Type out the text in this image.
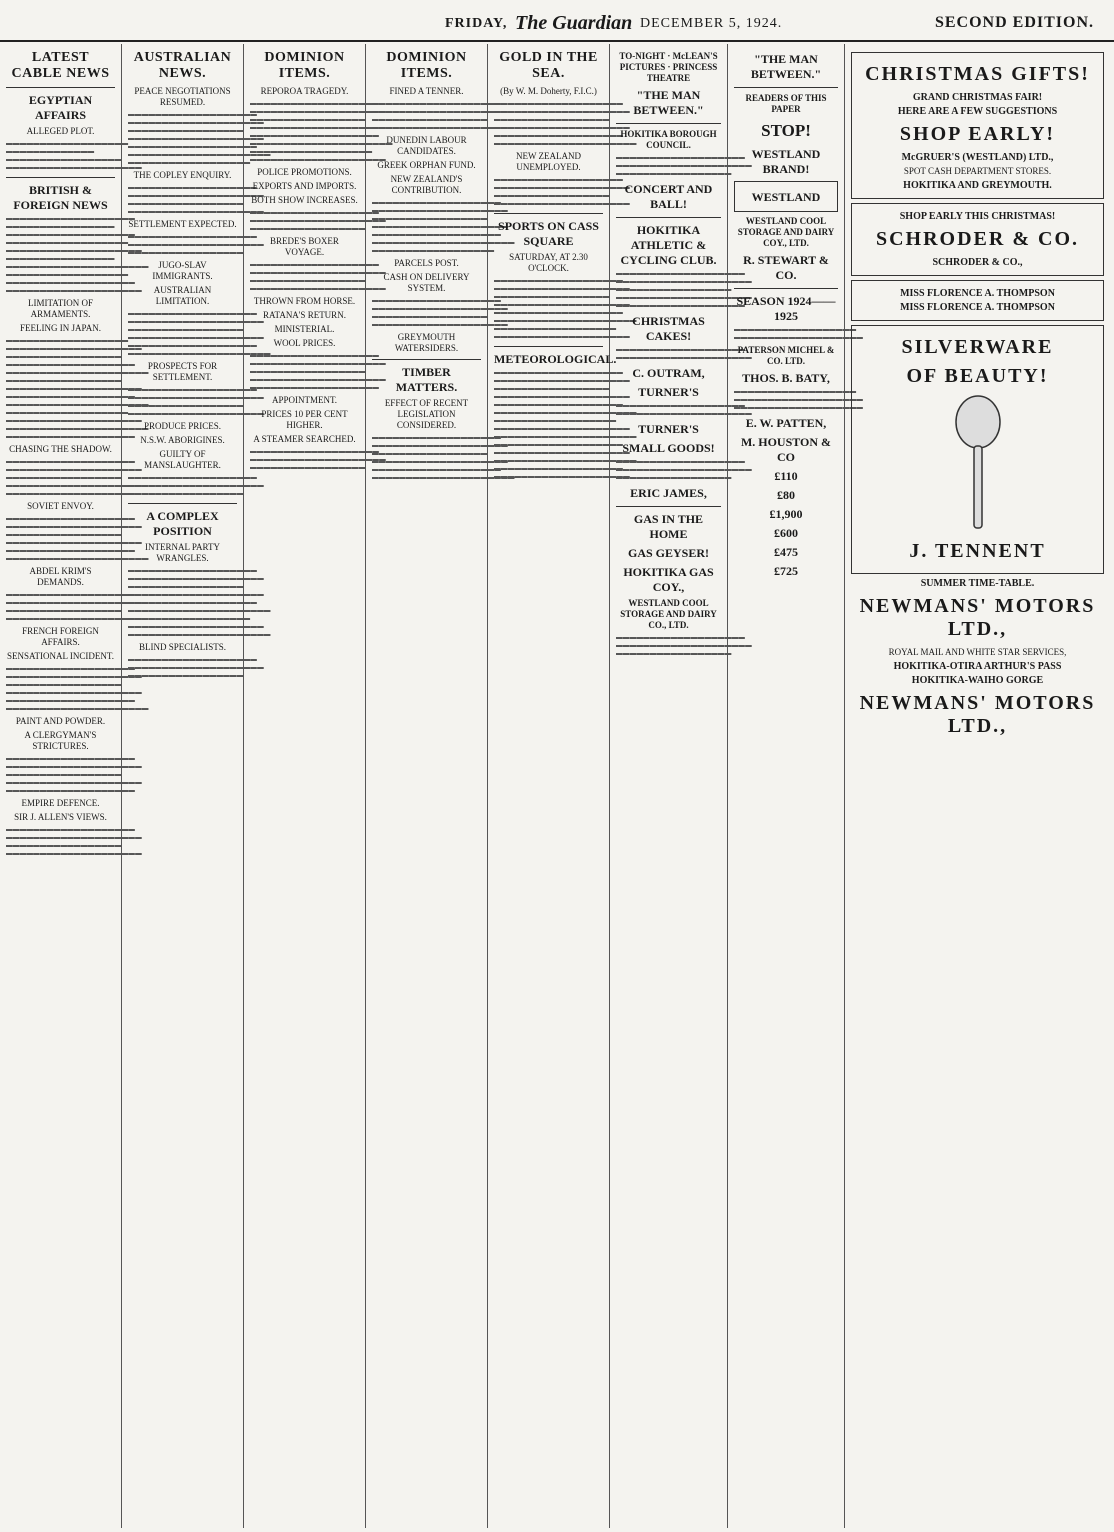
FRIDAY, The Guardian DECEMBER 5, 1924.	SECOND EDITION.
LATEST CABLE NEWS
EGYPTIAN AFFAIRS
ALLEGED PLOT.
▬▬▬▬▬▬▬▬▬▬▬▬▬▬▬▬▬▬ ▬▬▬▬▬▬▬▬▬▬▬▬▬ ▬▬▬▬▬▬▬▬▬▬▬▬▬▬▬▬▬ ▬▬▬▬▬▬▬▬▬▬▬▬▬▬▬▬▬▬▬▬
BRITISH & FOREIGN NEWS
▬▬▬▬▬▬▬▬▬▬▬▬▬▬▬▬▬▬▬ ▬▬▬▬▬▬▬▬▬▬▬▬▬▬▬▬ ▬▬▬▬▬▬▬▬▬▬▬▬▬▬▬▬▬▬▬ ▬▬▬▬▬▬▬▬▬▬▬▬▬▬▬▬▬▬ ▬▬▬▬▬▬▬▬▬▬▬▬▬▬▬▬▬▬▬▬ ▬▬▬▬▬▬▬▬▬▬▬▬▬▬▬▬ ▬▬▬▬▬▬▬▬▬▬▬▬▬▬▬▬▬▬▬▬▬ ▬▬▬▬▬▬▬▬▬▬▬▬▬▬▬▬▬▬ ▬▬▬▬▬▬▬▬▬▬▬▬▬▬▬▬▬▬▬ ▬▬▬▬▬▬▬▬▬▬▬▬▬▬▬▬▬▬▬▬
LIMITATION OF ARMAMENTS.
FEELING IN JAPAN.
▬▬▬▬▬▬▬▬▬▬▬▬▬▬▬▬▬▬ ▬▬▬▬▬▬▬▬▬▬▬▬▬▬▬▬▬▬▬▬ ▬▬▬▬▬▬▬▬▬▬▬▬▬▬▬▬▬ ▬▬▬▬▬▬▬▬▬▬▬▬▬▬▬▬▬▬▬ ▬▬▬▬▬▬▬▬▬▬▬▬▬▬▬▬▬▬▬▬▬ ▬▬▬▬▬▬▬▬▬▬▬▬▬▬▬▬▬ ▬▬▬▬▬▬▬▬▬▬▬▬▬▬▬▬▬▬▬▬ ▬▬▬▬▬▬▬▬▬▬▬▬▬▬▬▬▬▬▬ ▬▬▬▬▬▬▬▬▬▬▬▬▬▬▬▬▬▬▬▬▬ ▬▬▬▬▬▬▬▬▬▬▬▬▬▬▬▬▬▬ ▬▬▬▬▬▬▬▬▬▬▬▬▬▬▬▬▬▬▬▬ ▬▬▬▬▬▬▬▬▬▬▬▬▬▬▬▬▬▬▬▬▬ ▬▬▬▬▬▬▬▬▬▬▬▬▬▬▬▬▬▬▬
CHASING THE SHADOW.
▬▬▬▬▬▬▬▬▬▬▬▬▬▬▬▬▬▬▬ ▬▬▬▬▬▬▬▬▬▬▬▬▬▬▬▬▬▬▬▬ ▬▬▬▬▬▬▬▬▬▬▬▬▬▬▬▬▬ ▬▬▬▬▬▬▬▬▬▬▬▬▬▬▬▬▬▬▬▬ ▬▬▬▬▬▬▬▬▬▬▬▬▬▬▬▬▬▬▬
SOVIET ENVOY.
▬▬▬▬▬▬▬▬▬▬▬▬▬▬▬▬▬▬▬ ▬▬▬▬▬▬▬▬▬▬▬▬▬▬▬▬▬▬▬▬ ▬▬▬▬▬▬▬▬▬▬▬▬▬▬▬▬▬ ▬▬▬▬▬▬▬▬▬▬▬▬▬▬▬▬▬▬▬▬ ▬▬▬▬▬▬▬▬▬▬▬▬▬▬▬▬▬▬▬ ▬▬▬▬▬▬▬▬▬▬▬▬▬▬▬▬▬▬▬▬▬
ABDEL KRIM'S DEMANDS.
▬▬▬▬▬▬▬▬▬▬▬▬▬▬▬▬▬▬▬ ▬▬▬▬▬▬▬▬▬▬▬▬▬▬▬▬▬▬▬▬ ▬▬▬▬▬▬▬▬▬▬▬▬▬▬▬▬▬ ▬▬▬▬▬▬▬▬▬▬▬▬▬▬▬▬▬▬▬▬
FRENCH FOREIGN AFFAIRS.
SENSATIONAL INCIDENT.
▬▬▬▬▬▬▬▬▬▬▬▬▬▬▬▬▬▬▬ ▬▬▬▬▬▬▬▬▬▬▬▬▬▬▬▬▬▬▬▬ ▬▬▬▬▬▬▬▬▬▬▬▬▬▬▬▬▬ ▬▬▬▬▬▬▬▬▬▬▬▬▬▬▬▬▬▬▬▬ ▬▬▬▬▬▬▬▬▬▬▬▬▬▬▬▬▬▬▬ ▬▬▬▬▬▬▬▬▬▬▬▬▬▬▬▬▬▬▬▬▬
PAINT AND POWDER.
A CLERGYMAN'S STRICTURES.
▬▬▬▬▬▬▬▬▬▬▬▬▬▬▬▬▬▬▬ ▬▬▬▬▬▬▬▬▬▬▬▬▬▬▬▬▬▬▬▬ ▬▬▬▬▬▬▬▬▬▬▬▬▬▬▬▬▬ ▬▬▬▬▬▬▬▬▬▬▬▬▬▬▬▬▬▬▬▬ ▬▬▬▬▬▬▬▬▬▬▬▬▬▬▬▬▬▬▬
EMPIRE DEFENCE.
SIR J. ALLEN'S VIEWS.
▬▬▬▬▬▬▬▬▬▬▬▬▬▬▬▬▬▬▬ ▬▬▬▬▬▬▬▬▬▬▬▬▬▬▬▬▬▬▬▬ ▬▬▬▬▬▬▬▬▬▬▬▬▬▬▬▬▬ ▬▬▬▬▬▬▬▬▬▬▬▬▬▬▬▬▬▬▬▬
AUSTRALIAN NEWS.
PEACE NEGOTIATIONS RESUMED.
▬▬▬▬▬▬▬▬▬▬▬▬▬▬▬▬▬▬▬ ▬▬▬▬▬▬▬▬▬▬▬▬▬▬▬▬▬▬▬▬ ▬▬▬▬▬▬▬▬▬▬▬▬▬▬▬▬▬ ▬▬▬▬▬▬▬▬▬▬▬▬▬▬▬▬▬▬▬▬ ▬▬▬▬▬▬▬▬▬▬▬▬▬▬▬▬▬▬▬ ▬▬▬▬▬▬▬▬▬▬▬▬▬▬▬▬▬▬▬▬▬ ▬▬▬▬▬▬▬▬▬▬▬▬▬▬▬▬▬▬
THE COPLEY ENQUIRY.
▬▬▬▬▬▬▬▬▬▬▬▬▬▬▬▬▬▬▬ ▬▬▬▬▬▬▬▬▬▬▬▬▬▬▬▬▬▬▬▬ ▬▬▬▬▬▬▬▬▬▬▬▬▬▬▬▬▬ ▬▬▬▬▬▬▬▬▬▬▬▬▬▬▬▬▬▬▬▬
SETTLEMENT EXPECTED.
▬▬▬▬▬▬▬▬▬▬▬▬▬▬▬▬▬▬▬ ▬▬▬▬▬▬▬▬▬▬▬▬▬▬▬▬▬▬▬▬ ▬▬▬▬▬▬▬▬▬▬▬▬▬▬▬▬▬
JUGO-SLAV IMMIGRANTS.
AUSTRALIAN LIMITATION.
▬▬▬▬▬▬▬▬▬▬▬▬▬▬▬▬▬▬▬ ▬▬▬▬▬▬▬▬▬▬▬▬▬▬▬▬▬▬▬▬ ▬▬▬▬▬▬▬▬▬▬▬▬▬▬▬▬▬ ▬▬▬▬▬▬▬▬▬▬▬▬▬▬▬▬▬▬▬▬ ▬▬▬▬▬▬▬▬▬▬▬▬▬▬▬▬▬▬▬ ▬▬▬▬▬▬▬▬▬▬▬▬▬▬▬▬▬▬▬▬▬
PROSPECTS FOR SETTLEMENT.
▬▬▬▬▬▬▬▬▬▬▬▬▬▬▬▬▬▬▬ ▬▬▬▬▬▬▬▬▬▬▬▬▬▬▬▬▬▬▬▬ ▬▬▬▬▬▬▬▬▬▬▬▬▬▬▬▬▬ ▬▬▬▬▬▬▬▬▬▬▬▬▬▬▬▬▬▬▬▬
PRODUCE PRICES.
N.S.W. ABORIGINES.
GUILTY OF MANSLAUGHTER.
▬▬▬▬▬▬▬▬▬▬▬▬▬▬▬▬▬▬▬ ▬▬▬▬▬▬▬▬▬▬▬▬▬▬▬▬▬▬▬▬ ▬▬▬▬▬▬▬▬▬▬▬▬▬▬▬▬▬
A COMPLEX POSITION
INTERNAL PARTY WRANGLES.
▬▬▬▬▬▬▬▬▬▬▬▬▬▬▬▬▬▬▬ ▬▬▬▬▬▬▬▬▬▬▬▬▬▬▬▬▬▬▬▬ ▬▬▬▬▬▬▬▬▬▬▬▬▬▬▬▬▬ ▬▬▬▬▬▬▬▬▬▬▬▬▬▬▬▬▬▬▬▬ ▬▬▬▬▬▬▬▬▬▬▬▬▬▬▬▬▬▬▬ ▬▬▬▬▬▬▬▬▬▬▬▬▬▬▬▬▬▬▬▬▬ ▬▬▬▬▬▬▬▬▬▬▬▬▬▬▬▬▬▬ ▬▬▬▬▬▬▬▬▬▬▬▬▬▬▬▬▬▬▬▬ ▬▬▬▬▬▬▬▬▬▬▬▬▬▬▬▬▬▬▬▬▬
BLIND SPECIALISTS.
▬▬▬▬▬▬▬▬▬▬▬▬▬▬▬▬▬▬▬ ▬▬▬▬▬▬▬▬▬▬▬▬▬▬▬▬▬▬▬▬ ▬▬▬▬▬▬▬▬▬▬▬▬▬▬▬▬▬
DOMINION ITEMS.
REPOROA TRAGEDY.
▬▬▬▬▬▬▬▬▬▬▬▬▬▬▬▬▬▬▬ ▬▬▬▬▬▬▬▬▬▬▬▬▬▬▬▬▬▬▬▬ ▬▬▬▬▬▬▬▬▬▬▬▬▬▬▬▬▬ ▬▬▬▬▬▬▬▬▬▬▬▬▬▬▬▬▬▬▬▬ ▬▬▬▬▬▬▬▬▬▬▬▬▬▬▬▬▬▬▬ ▬▬▬▬▬▬▬▬▬▬▬▬▬▬▬▬▬▬▬▬▬ ▬▬▬▬▬▬▬▬▬▬▬▬▬▬▬▬▬▬ ▬▬▬▬▬▬▬▬▬▬▬▬▬▬▬▬▬▬▬▬
POLICE PROMOTIONS.
EXPORTS AND IMPORTS.
BOTH SHOW INCREASES.
▬▬▬▬▬▬▬▬▬▬▬▬▬▬▬▬▬▬▬ ▬▬▬▬▬▬▬▬▬▬▬▬▬▬▬▬▬▬▬▬ ▬▬▬▬▬▬▬▬▬▬▬▬▬▬▬▬▬
BREDE'S BOXER VOYAGE.
▬▬▬▬▬▬▬▬▬▬▬▬▬▬▬▬▬▬▬ ▬▬▬▬▬▬▬▬▬▬▬▬▬▬▬▬▬▬▬▬ ▬▬▬▬▬▬▬▬▬▬▬▬▬▬▬▬▬ ▬▬▬▬▬▬▬▬▬▬▬▬▬▬▬▬▬▬▬▬
THROWN FROM HORSE.
RATANA'S RETURN.
MINISTERIAL.
WOOL PRICES.
▬▬▬▬▬▬▬▬▬▬▬▬▬▬▬▬▬▬▬ ▬▬▬▬▬▬▬▬▬▬▬▬▬▬▬▬▬▬▬▬ ▬▬▬▬▬▬▬▬▬▬▬▬▬▬▬▬▬ ▬▬▬▬▬▬▬▬▬▬▬▬▬▬▬▬▬▬▬▬ ▬▬▬▬▬▬▬▬▬▬▬▬▬▬▬▬▬▬▬
APPOINTMENT.
PRICES 10 PER CENT HIGHER.
A STEAMER SEARCHED.
▬▬▬▬▬▬▬▬▬▬▬▬▬▬▬▬▬▬▬ ▬▬▬▬▬▬▬▬▬▬▬▬▬▬▬▬▬▬▬▬ ▬▬▬▬▬▬▬▬▬▬▬▬▬▬▬▬▬
DOMINION ITEMS.
FINED A TENNER.
▬▬▬▬▬▬▬▬▬▬▬▬▬▬▬▬▬▬▬ ▬▬▬▬▬▬▬▬▬▬▬▬▬▬▬▬▬▬▬▬ ▬▬▬▬▬▬▬▬▬▬▬▬▬▬▬▬▬ ▬▬▬▬▬▬▬▬▬▬▬▬▬▬▬▬▬▬▬▬
DUNEDIN LABOUR CANDIDATES.
GREEK ORPHAN FUND.
NEW ZEALAND'S CONTRIBUTION.
▬▬▬▬▬▬▬▬▬▬▬▬▬▬▬▬▬▬▬ ▬▬▬▬▬▬▬▬▬▬▬▬▬▬▬▬▬▬▬▬ ▬▬▬▬▬▬▬▬▬▬▬▬▬▬▬▬▬ ▬▬▬▬▬▬▬▬▬▬▬▬▬▬▬▬▬▬▬▬ ▬▬▬▬▬▬▬▬▬▬▬▬▬▬▬▬▬▬▬ ▬▬▬▬▬▬▬▬▬▬▬▬▬▬▬▬▬▬▬▬▬ ▬▬▬▬▬▬▬▬▬▬▬▬▬▬▬▬▬▬
PARCELS POST.
CASH ON DELIVERY SYSTEM.
▬▬▬▬▬▬▬▬▬▬▬▬▬▬▬▬▬▬▬ ▬▬▬▬▬▬▬▬▬▬▬▬▬▬▬▬▬▬▬▬ ▬▬▬▬▬▬▬▬▬▬▬▬▬▬▬▬▬ ▬▬▬▬▬▬▬▬▬▬▬▬▬▬▬▬▬▬▬▬
GREYMOUTH WATERSIDERS.
TIMBER MATTERS.
EFFECT OF RECENT LEGISLATION CONSIDERED.
▬▬▬▬▬▬▬▬▬▬▬▬▬▬▬▬▬▬▬ ▬▬▬▬▬▬▬▬▬▬▬▬▬▬▬▬▬▬▬▬ ▬▬▬▬▬▬▬▬▬▬▬▬▬▬▬▬▬ ▬▬▬▬▬▬▬▬▬▬▬▬▬▬▬▬▬▬▬▬ ▬▬▬▬▬▬▬▬▬▬▬▬▬▬▬▬▬▬▬ ▬▬▬▬▬▬▬▬▬▬▬▬▬▬▬▬▬▬▬▬▬
GOLD IN THE SEA.
(By W. M. Doherty, F.I.C.)
▬▬▬▬▬▬▬▬▬▬▬▬▬▬▬▬▬▬▬ ▬▬▬▬▬▬▬▬▬▬▬▬▬▬▬▬▬▬▬▬ ▬▬▬▬▬▬▬▬▬▬▬▬▬▬▬▬▬ ▬▬▬▬▬▬▬▬▬▬▬▬▬▬▬▬▬▬▬▬ ▬▬▬▬▬▬▬▬▬▬▬▬▬▬▬▬▬▬▬ ▬▬▬▬▬▬▬▬▬▬▬▬▬▬▬▬▬▬▬▬▬
NEW ZEALAND UNEMPLOYED.
▬▬▬▬▬▬▬▬▬▬▬▬▬▬▬▬▬▬▬ ▬▬▬▬▬▬▬▬▬▬▬▬▬▬▬▬▬▬▬▬ ▬▬▬▬▬▬▬▬▬▬▬▬▬▬▬▬▬ ▬▬▬▬▬▬▬▬▬▬▬▬▬▬▬▬▬▬▬▬
SPORTS ON CASS SQUARE
SATURDAY, AT 2.30 O'CLOCK.
▬▬▬▬▬▬▬▬▬▬▬▬▬▬▬▬▬▬▬ ▬▬▬▬▬▬▬▬▬▬▬▬▬▬▬▬▬▬▬▬ ▬▬▬▬▬▬▬▬▬▬▬▬▬▬▬▬▬ ▬▬▬▬▬▬▬▬▬▬▬▬▬▬▬▬▬▬▬▬ ▬▬▬▬▬▬▬▬▬▬▬▬▬▬▬▬▬▬▬ ▬▬▬▬▬▬▬▬▬▬▬▬▬▬▬▬▬▬▬▬▬ ▬▬▬▬▬▬▬▬▬▬▬▬▬▬▬▬▬▬ ▬▬▬▬▬▬▬▬▬▬▬▬▬▬▬▬▬▬▬▬
METEOROLOGICAL.
▬▬▬▬▬▬▬▬▬▬▬▬▬▬▬▬▬▬▬ ▬▬▬▬▬▬▬▬▬▬▬▬▬▬▬▬▬▬▬▬ ▬▬▬▬▬▬▬▬▬▬▬▬▬▬▬▬▬ ▬▬▬▬▬▬▬▬▬▬▬▬▬▬▬▬▬▬▬▬ ▬▬▬▬▬▬▬▬▬▬▬▬▬▬▬▬▬▬▬ ▬▬▬▬▬▬▬▬▬▬▬▬▬▬▬▬▬▬▬▬▬ ▬▬▬▬▬▬▬▬▬▬▬▬▬▬▬▬▬▬ ▬▬▬▬▬▬▬▬▬▬▬▬▬▬▬▬▬▬▬▬ ▬▬▬▬▬▬▬▬▬▬▬▬▬▬▬▬▬▬▬▬▬ ▬▬▬▬▬▬▬▬▬▬▬▬▬▬▬▬▬▬▬ ▬▬▬▬▬▬▬▬▬▬▬▬▬▬▬▬▬▬▬▬ ▬▬▬▬▬▬▬▬▬▬▬▬▬▬▬▬▬▬▬▬▬ ▬▬▬▬▬▬▬▬▬▬▬▬▬▬▬▬▬▬▬ ▬▬▬▬▬▬▬▬▬▬▬▬▬▬▬▬▬▬▬▬
TO-NIGHT · McLEAN'S PICTURES · PRINCESS THEATRE
"THE MAN BETWEEN."
HOKITIKA BOROUGH COUNCIL.
▬▬▬▬▬▬▬▬▬▬▬▬▬▬▬▬▬▬▬ ▬▬▬▬▬▬▬▬▬▬▬▬▬▬▬▬▬▬▬▬ ▬▬▬▬▬▬▬▬▬▬▬▬▬▬▬▬▬
CONCERT AND BALL!
HOKITIKA ATHLETIC & CYCLING CLUB.
▬▬▬▬▬▬▬▬▬▬▬▬▬▬▬▬▬▬▬ ▬▬▬▬▬▬▬▬▬▬▬▬▬▬▬▬▬▬▬▬ ▬▬▬▬▬▬▬▬▬▬▬▬▬▬▬▬▬ ▬▬▬▬▬▬▬▬▬▬▬▬▬▬▬▬▬▬▬▬ ▬▬▬▬▬▬▬▬▬▬▬▬▬▬▬▬▬▬▬
CHRISTMAS CAKES!
▬▬▬▬▬▬▬▬▬▬▬▬▬▬▬▬▬▬▬ ▬▬▬▬▬▬▬▬▬▬▬▬▬▬▬▬▬▬▬▬
C. OUTRAM,
TURNER'S
▬▬▬▬▬▬▬▬▬▬▬▬▬▬▬▬▬▬▬ ▬▬▬▬▬▬▬▬▬▬▬▬▬▬▬▬▬▬▬▬
TURNER'S
SMALL GOODS!
▬▬▬▬▬▬▬▬▬▬▬▬▬▬▬▬▬▬▬ ▬▬▬▬▬▬▬▬▬▬▬▬▬▬▬▬▬▬▬▬ ▬▬▬▬▬▬▬▬▬▬▬▬▬▬▬▬▬
ERIC JAMES,
GAS IN THE HOME
GAS GEYSER!
HOKITIKA GAS COY.,
WESTLAND COOL STORAGE AND DAIRY CO., LTD.
▬▬▬▬▬▬▬▬▬▬▬▬▬▬▬▬▬▬▬ ▬▬▬▬▬▬▬▬▬▬▬▬▬▬▬▬▬▬▬▬ ▬▬▬▬▬▬▬▬▬▬▬▬▬▬▬▬▬
"THE MAN BETWEEN."
READERS OF THIS PAPER
STOP!
WESTLAND BRAND!
WESTLAND
WESTLAND COOL STORAGE AND DAIRY COY., LTD.
R. STEWART & CO.
SEASON 1924——1925
▬▬▬▬▬▬▬▬▬▬▬▬▬▬▬▬▬▬ ▬▬▬▬▬▬▬▬▬▬▬▬▬▬▬▬▬▬▬
PATERSON MICHEL & CO. LTD.
THOS. B. BATY,
▬▬▬▬▬▬▬▬▬▬▬▬▬▬▬▬▬▬ ▬▬▬▬▬▬▬▬▬▬▬▬▬▬▬▬▬▬▬ ▬▬▬▬▬▬▬▬▬▬▬▬▬▬▬▬▬▬▬
E. W. PATTEN,
M. HOUSTON & CO
£110
£80
£1,900
£600
£475
£725
CHRISTMAS GIFTS!
GRAND CHRISTMAS FAIR!
HERE ARE A FEW SUGGESTIONS
SHOP EARLY!
McGRUER'S (WESTLAND) LTD.,
SPOT CASH DEPARTMENT STORES.
HOKITIKA AND GREYMOUTH.
SHOP EARLY THIS CHRISTMAS!
SCHRODER & CO.
SCHRODER & CO.,
MISS FLORENCE A. THOMPSON
MISS FLORENCE A. THOMPSON
SILVERWARE
OF BEAUTY!
J. TENNENT
SUMMER TIME-TABLE.
NEWMANS' MOTORS LTD.,
ROYAL MAIL AND WHITE STAR SERVICES,
HOKITIKA-OTIRA ARTHUR'S PASS
HOKITIKA-WAIHO GORGE
NEWMANS' MOTORS LTD.,
